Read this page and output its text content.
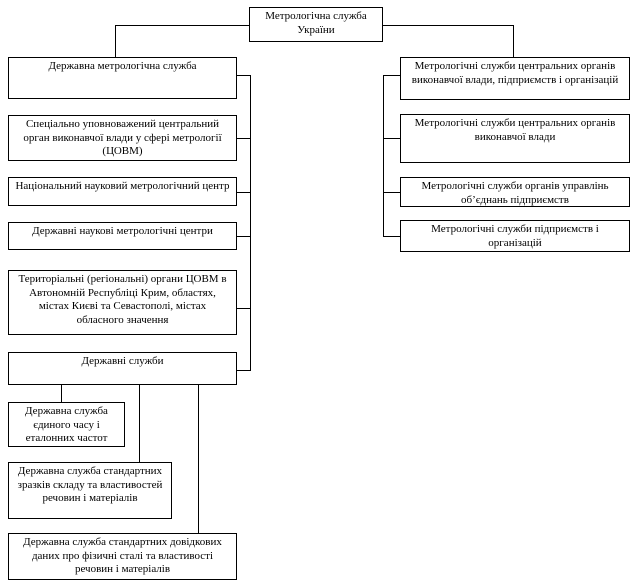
Метрологічна служба України
Державна метрологічна служба
Спеціально уповноважений центральний орган виконавчої влади у сфері метрології (ЦОВМ)
Національний науковий метрологічний центр
Державні наукові метрологічні центри
Територіальні (регіональні) органи ЦОВМ в Автономній Республіці Крим, областях, містах Києві та Севастополі, містах обласного значення
Державні служби
Державна служба єдиного часу і еталонних частот
Державна служба стандартних зразків складу та властивостей речовин і матеріалів
Державна служба стандартних довідкових даних про фізичні сталі та властивості речовин і матеріалів
Метрологічні служби центральних органів виконавчої влади, підприємств і організацій
Метрологічні служби центральних органів виконавчої влади
Метрологічні служби органів управлінь об’єднань підприємств
Метрологічні служби підприємств і організацій
